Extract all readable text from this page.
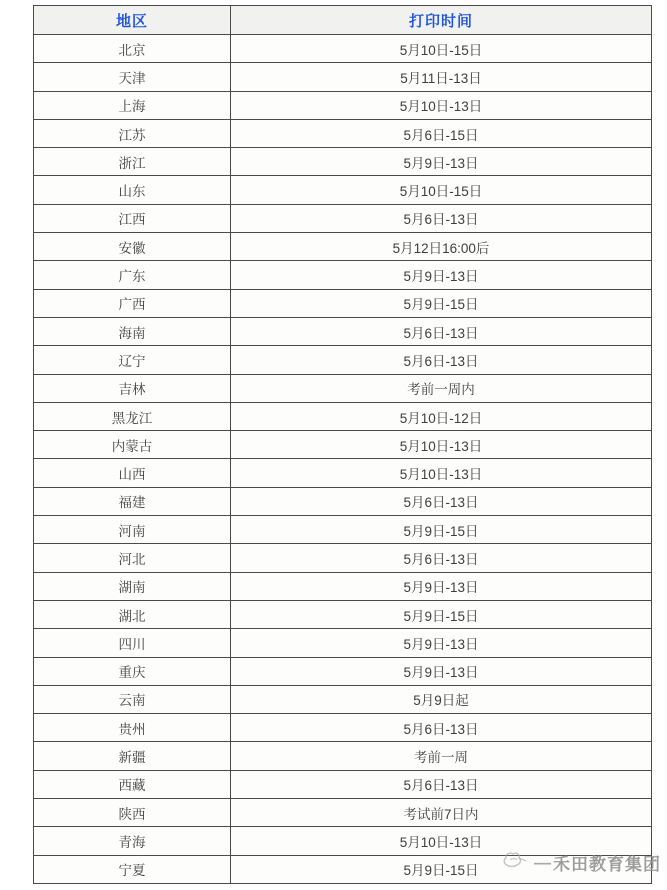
地区	打印时间
北京	5月10日-15日
天津	5月11日-13日
上海	5月10日-13日
江苏	5月6日-15日
浙江	5月9日-13日
山东	5月10日-15日
江西	5月6日-13日
安徽	5月12日16:00后
广东	5月9日-13日
广西	5月9日-15日
海南	5月6日-13日
辽宁	5月6日-13日
吉林	考前一周内
黑龙江	5月10日-12日
内蒙古	5月10日-13日
山西	5月10日-13日
福建	5月6日-13日
河南	5月9日-15日
河北	5月6日-13日
湖南	5月9日-13日
湖北	5月9日-15日
四川	5月9日-13日
重庆	5月9日-13日
云南	5月9日起
贵州	5月6日-13日
新疆	考前一周
西藏	5月6日-13日
陕西	考试前7日内
青海	5月10日-13日
宁夏	5月9日-15日	— 禾田教育集团
